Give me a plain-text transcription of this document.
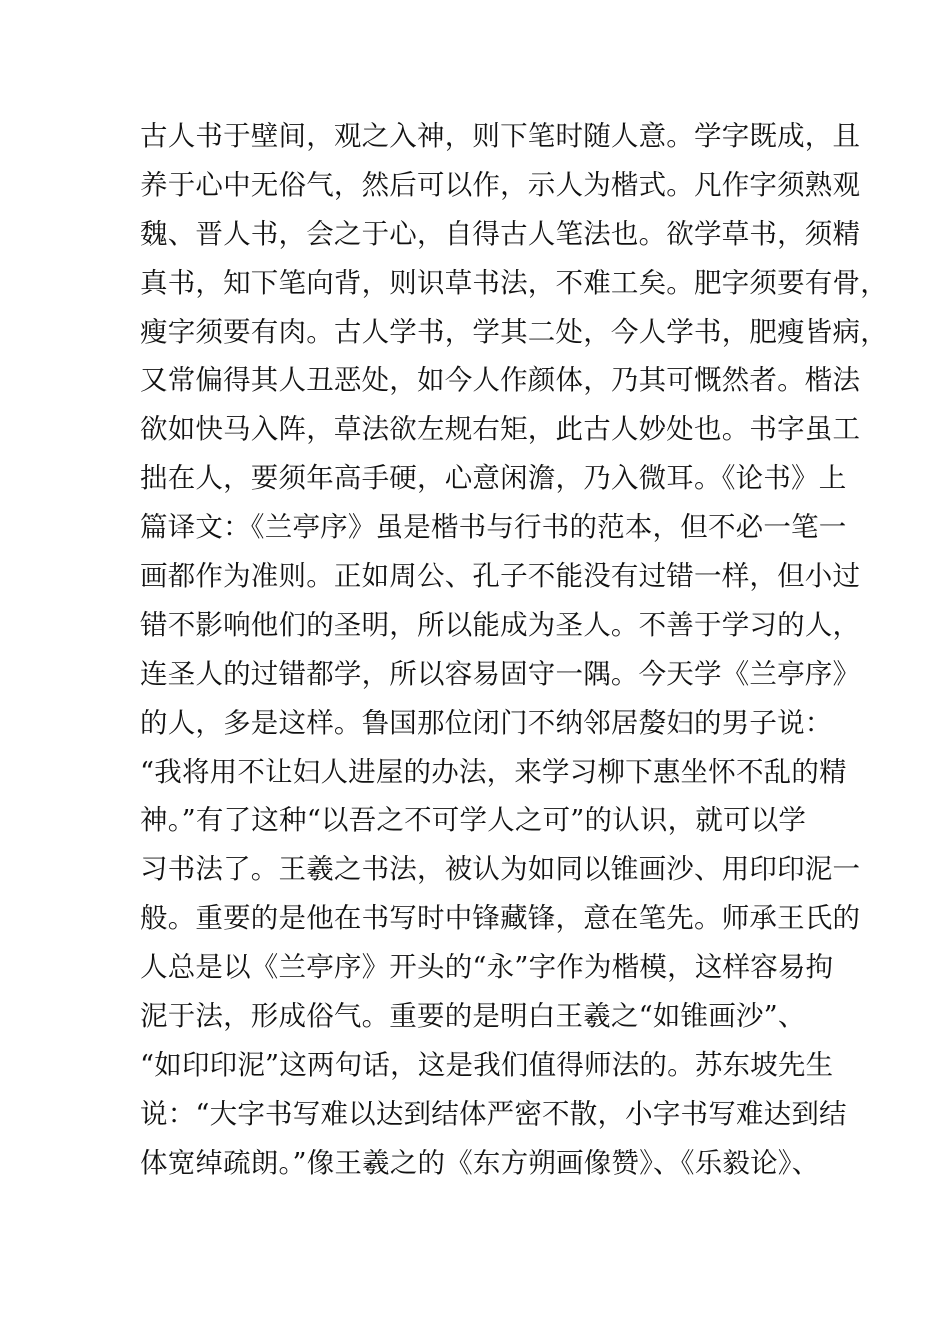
古人书于壁间，观之入神，则下笔时随人意。学字既成，且
养于心中无俗气，然后可以作，示人为楷式。凡作字须熟观
魏、晋人书，会之于心，自得古人笔法也。欲学草书，须精
真书，知下笔向背，则识草书法，不难工矣。肥字须要有骨，
瘦字须要有肉。古人学书，学其二处，今人学书，肥瘦皆病，
又常偏得其人丑恶处，如今人作颜体，乃其可慨然者。楷法
欲如快马入阵，草法欲左规右矩，此古人妙处也。书字虽工
拙在人，要须年高手硬，心意闲澹，乃入微耳。《论书》上
篇译文：《兰亭序》虽是楷书与行书的范本，但不必一笔一
画都作为准则。正如周公、孔子不能没有过错一样，但小过
错不影响他们的圣明，所以能成为圣人。不善于学习的人，
连圣人的过错都学，所以容易固守一隅。今天学《兰亭序》
的人，多是这样。鲁国那位闭门不纳邻居嫠妇的男子说：
“我将用不让妇人进屋的办法，来学习柳下惠坐怀不乱的精
神。”有了这种“以吾之不可学人之可”的认识，就可以学
习书法了。王羲之书法，被认为如同以锥画沙、用印印泥一
般。重要的是他在书写时中锋藏锋，意在笔先。师承王氏的
人总是以《兰亭序》开头的“永”字作为楷模，这样容易拘
泥于法，形成俗气。重要的是明白王羲之“如锥画沙”、
“如印印泥”这两句话，这是我们值得师法的。苏东坡先生
说：“大字书写难以达到结体严密不散，小字书写难达到结
体宽绰疏朗。”像王羲之的《东方朔画像赞》、《乐毅论》、
